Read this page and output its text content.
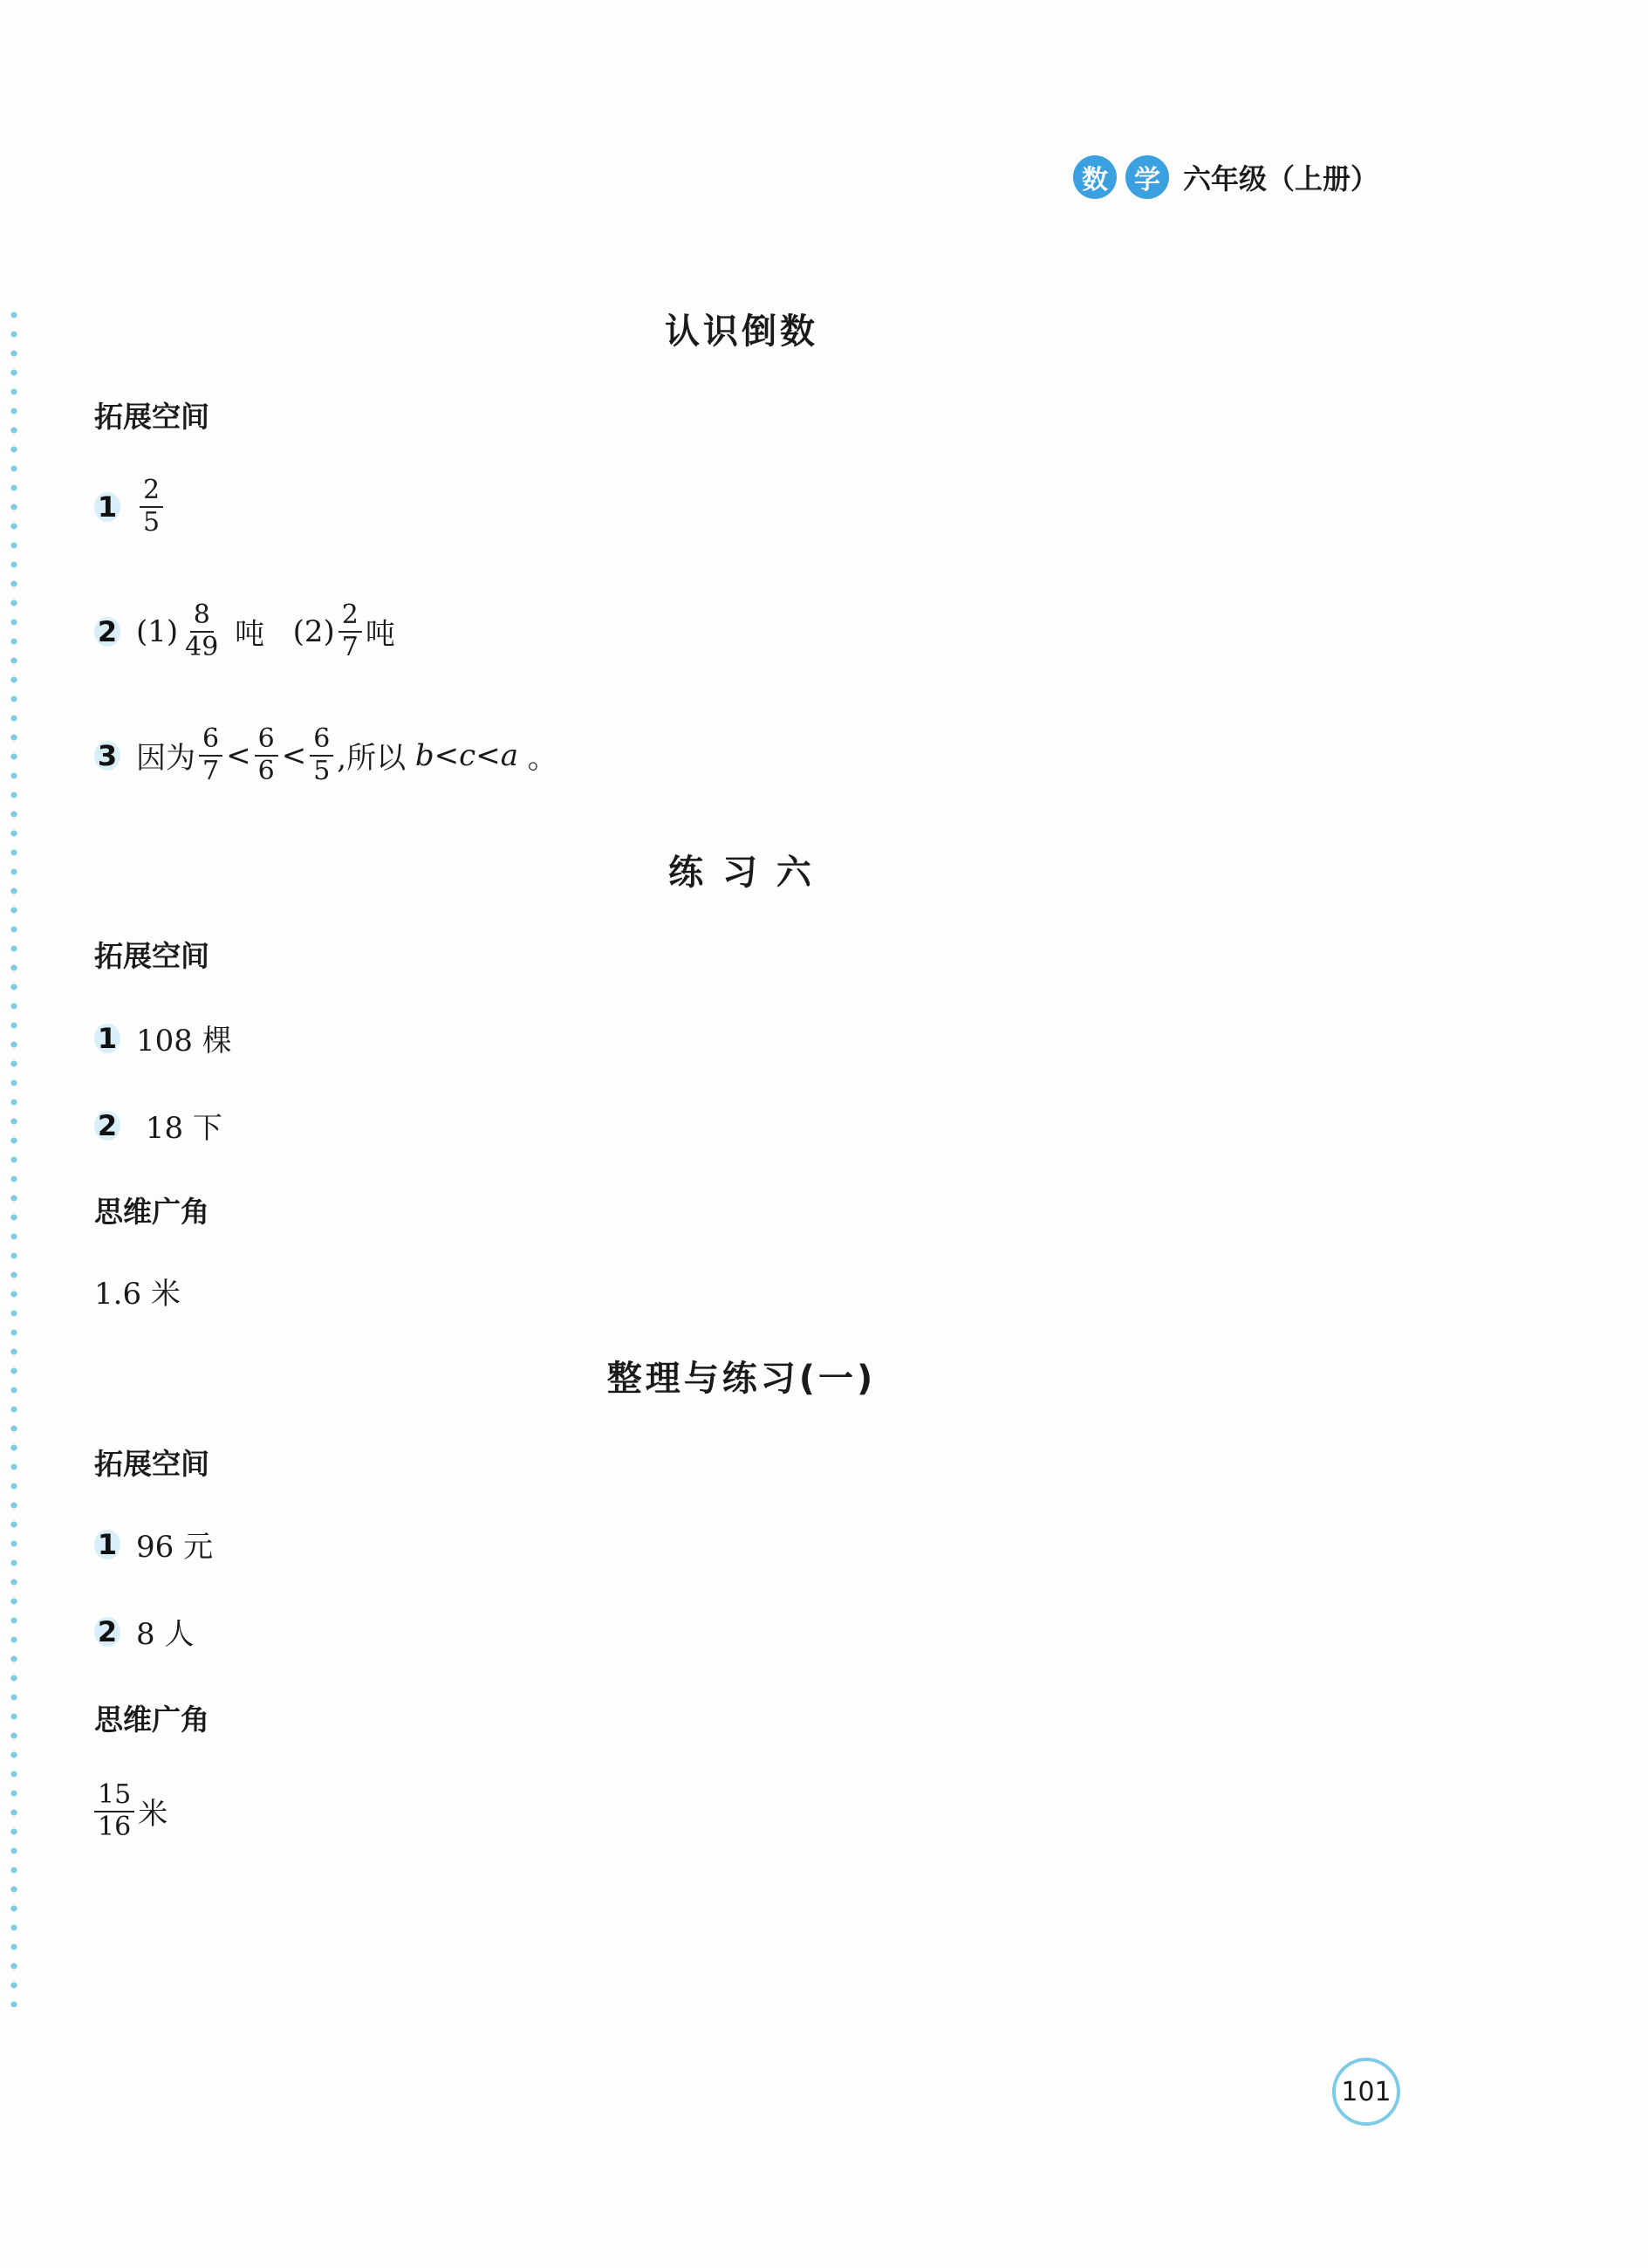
数	学 六年级（上册）
认识倒数
拓展空间
$1 \frac{2}{5}$
2 $(1) \frac{8}{49}$ 吨 $(2) \frac{2}{7}$ 吨
3 因为 $\frac{6}{7} < \frac{6}{6} < \frac{6}{5}$ ,所以 b < c < a 。
练 习 六
拓展空间
1 108 棵
2 18 下
思维广角
1.6 米
整理与练习(一)
拓展空间
1 96 元
2 8 人
思维广角
$\frac{15}{16}$ 米
101
